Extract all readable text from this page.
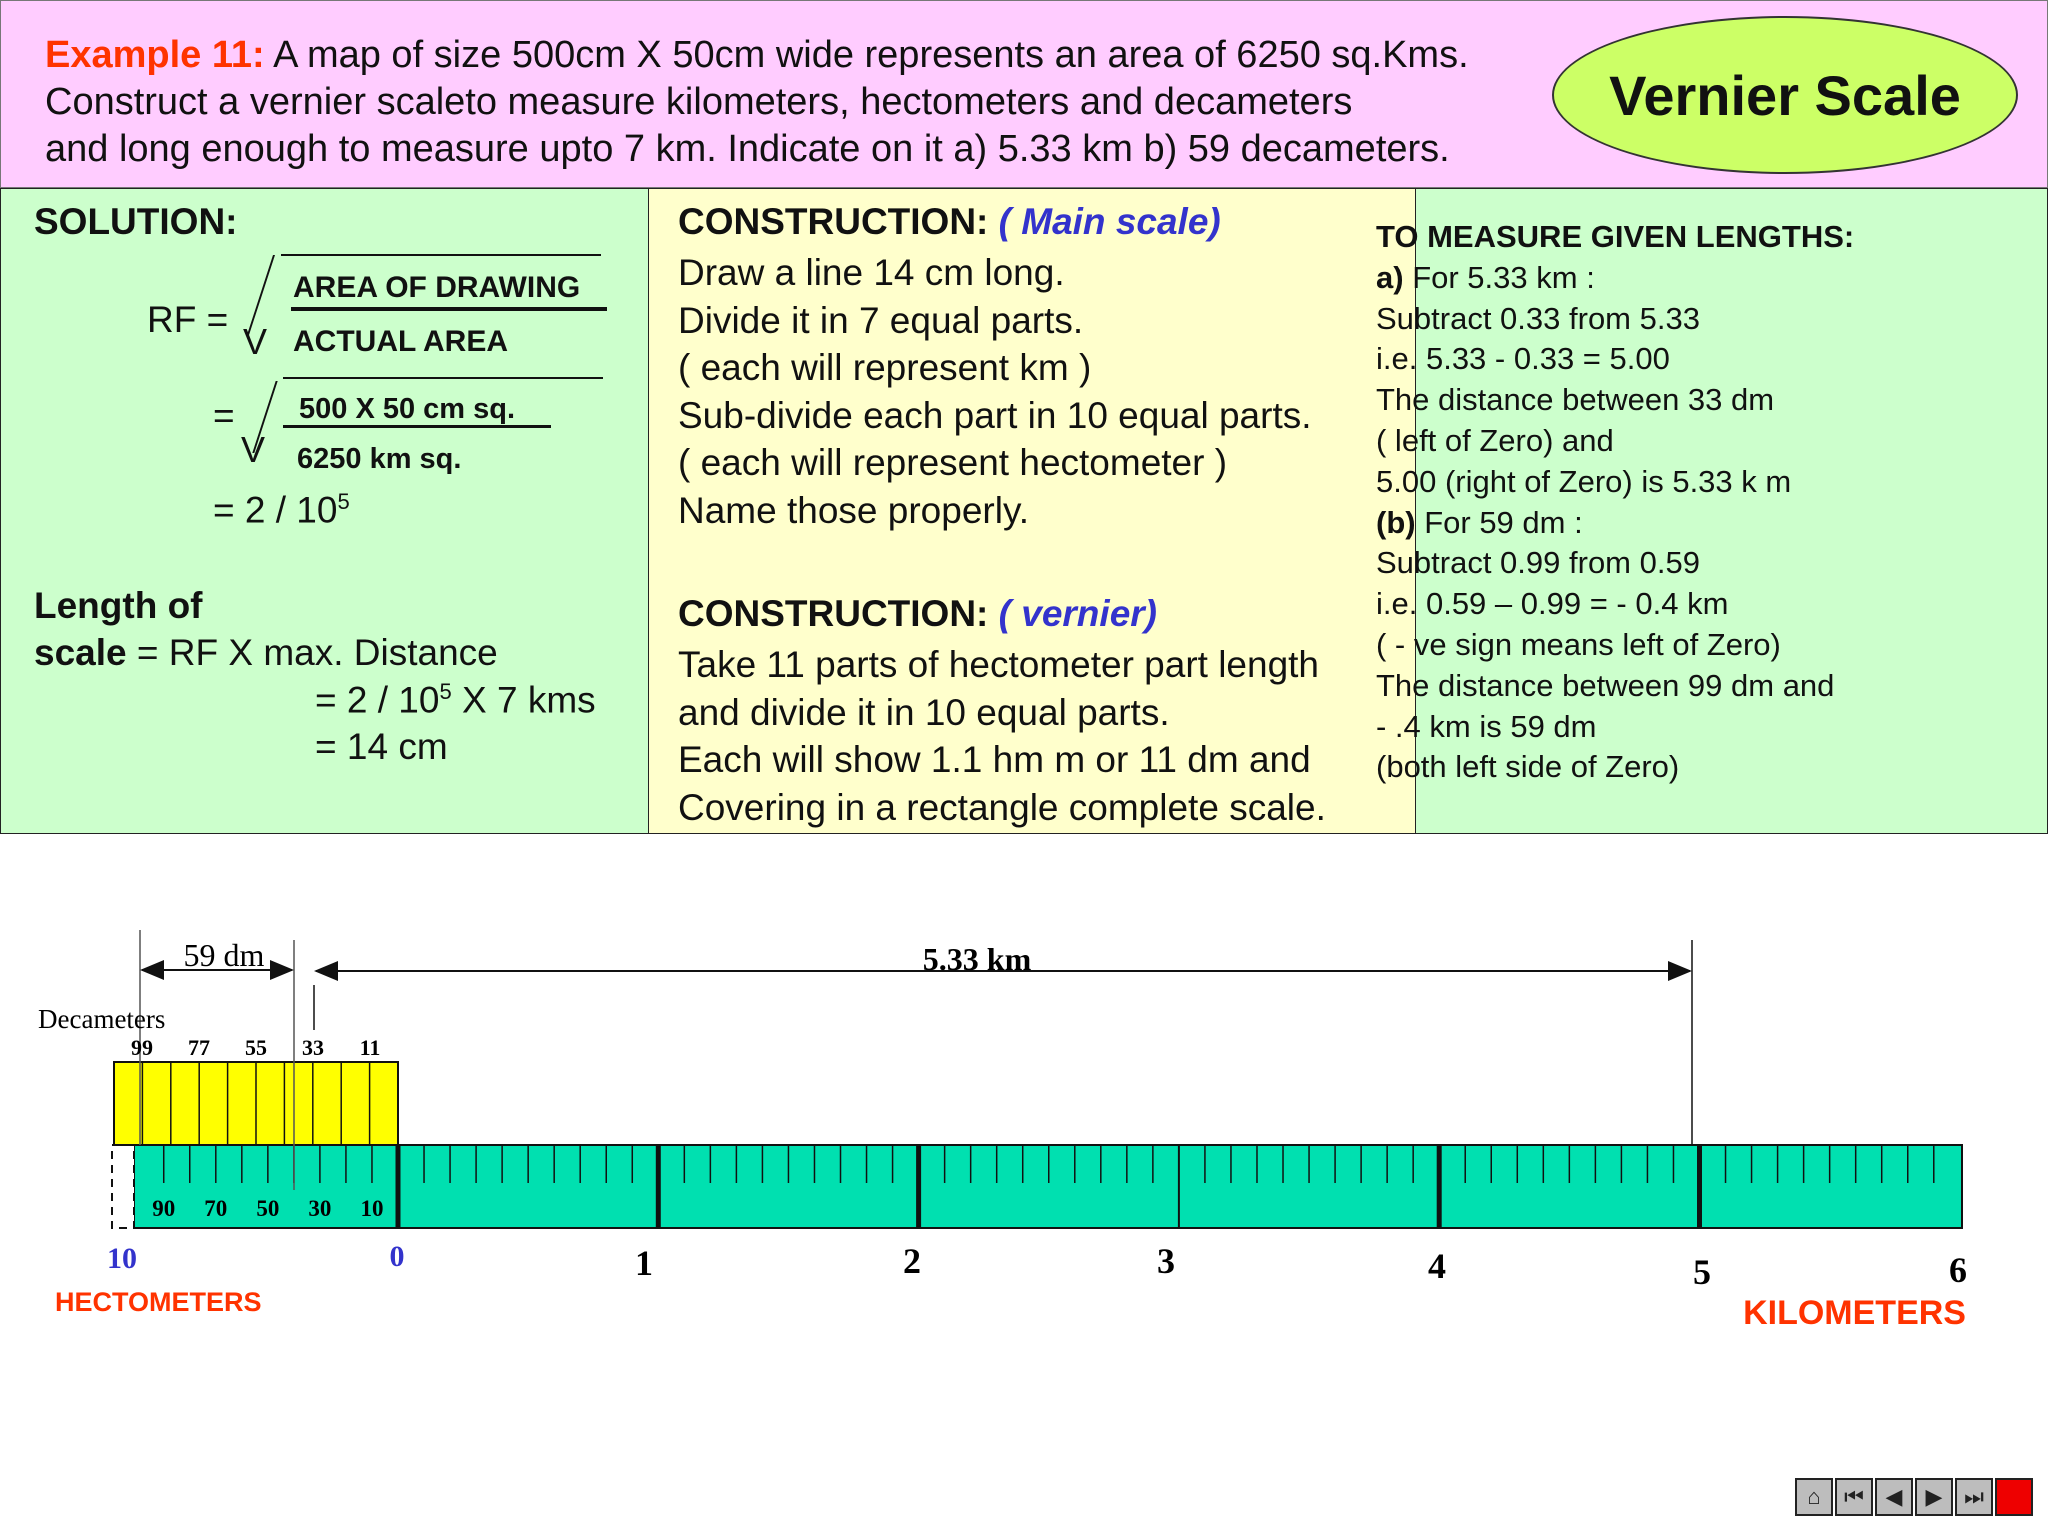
Example 11: A map of size 500cm X 50cm wide represents an area of 6250 sq.Kms.
Construct a vernier scaleto measure kilometers, hectometers and decameters
and long enough to measure upto 7 km. Indicate on it a) 5.33 km b) 59 decameters.
Vernier Scale
SOLUTION:
RF =
V
AREA OF DRAWING
ACTUAL AREA
=
V
500 X 50 cm sq.
6250 km sq.
= $2 / 10^5$
Length of
scale = RF X max. Distance
= $2 / 10^5$ X 7 kms
= 14 cm
CONSTRUCTION: ( Main scale)
Draw a line 14 cm long.
Divide it in 7 equal parts.
( each will represent km )
Sub-divide each part in 10 equal parts.
( each will represent hectometer )
Name those properly.
CONSTRUCTION: ( vernier)
Take 11 parts of hectometer part length
and divide it in 10 equal parts.
Each will show 1.1 hm m or 11 dm and
Covering in a rectangle complete scale.
TO MEASURE GIVEN LENGTHS:
a) For 5.33 km :
Subtract 0.33 from 5.33
i.e. 5.33 - 0.33 = 5.00
The distance between 33 dm
( left of Zero) and
5.00 (right of Zero) is 5.33 k m
(b) For 59 dm :
Subtract 0.99 from 0.59
i.e. 0.59 – 0.99 = - 0.4 km
( - ve sign means left of Zero)
The distance between 99 dm and
- .4 km is 59 dm
(both left side of Zero)
59 dm	5.33 km
Decameters
99 77 55 33 11
90 70 50 30 10
10	0	1	2	3	4	5	6
HECTOMETERS	KILOMETERS
⌂	⏮ ◀	▶ ⏭
